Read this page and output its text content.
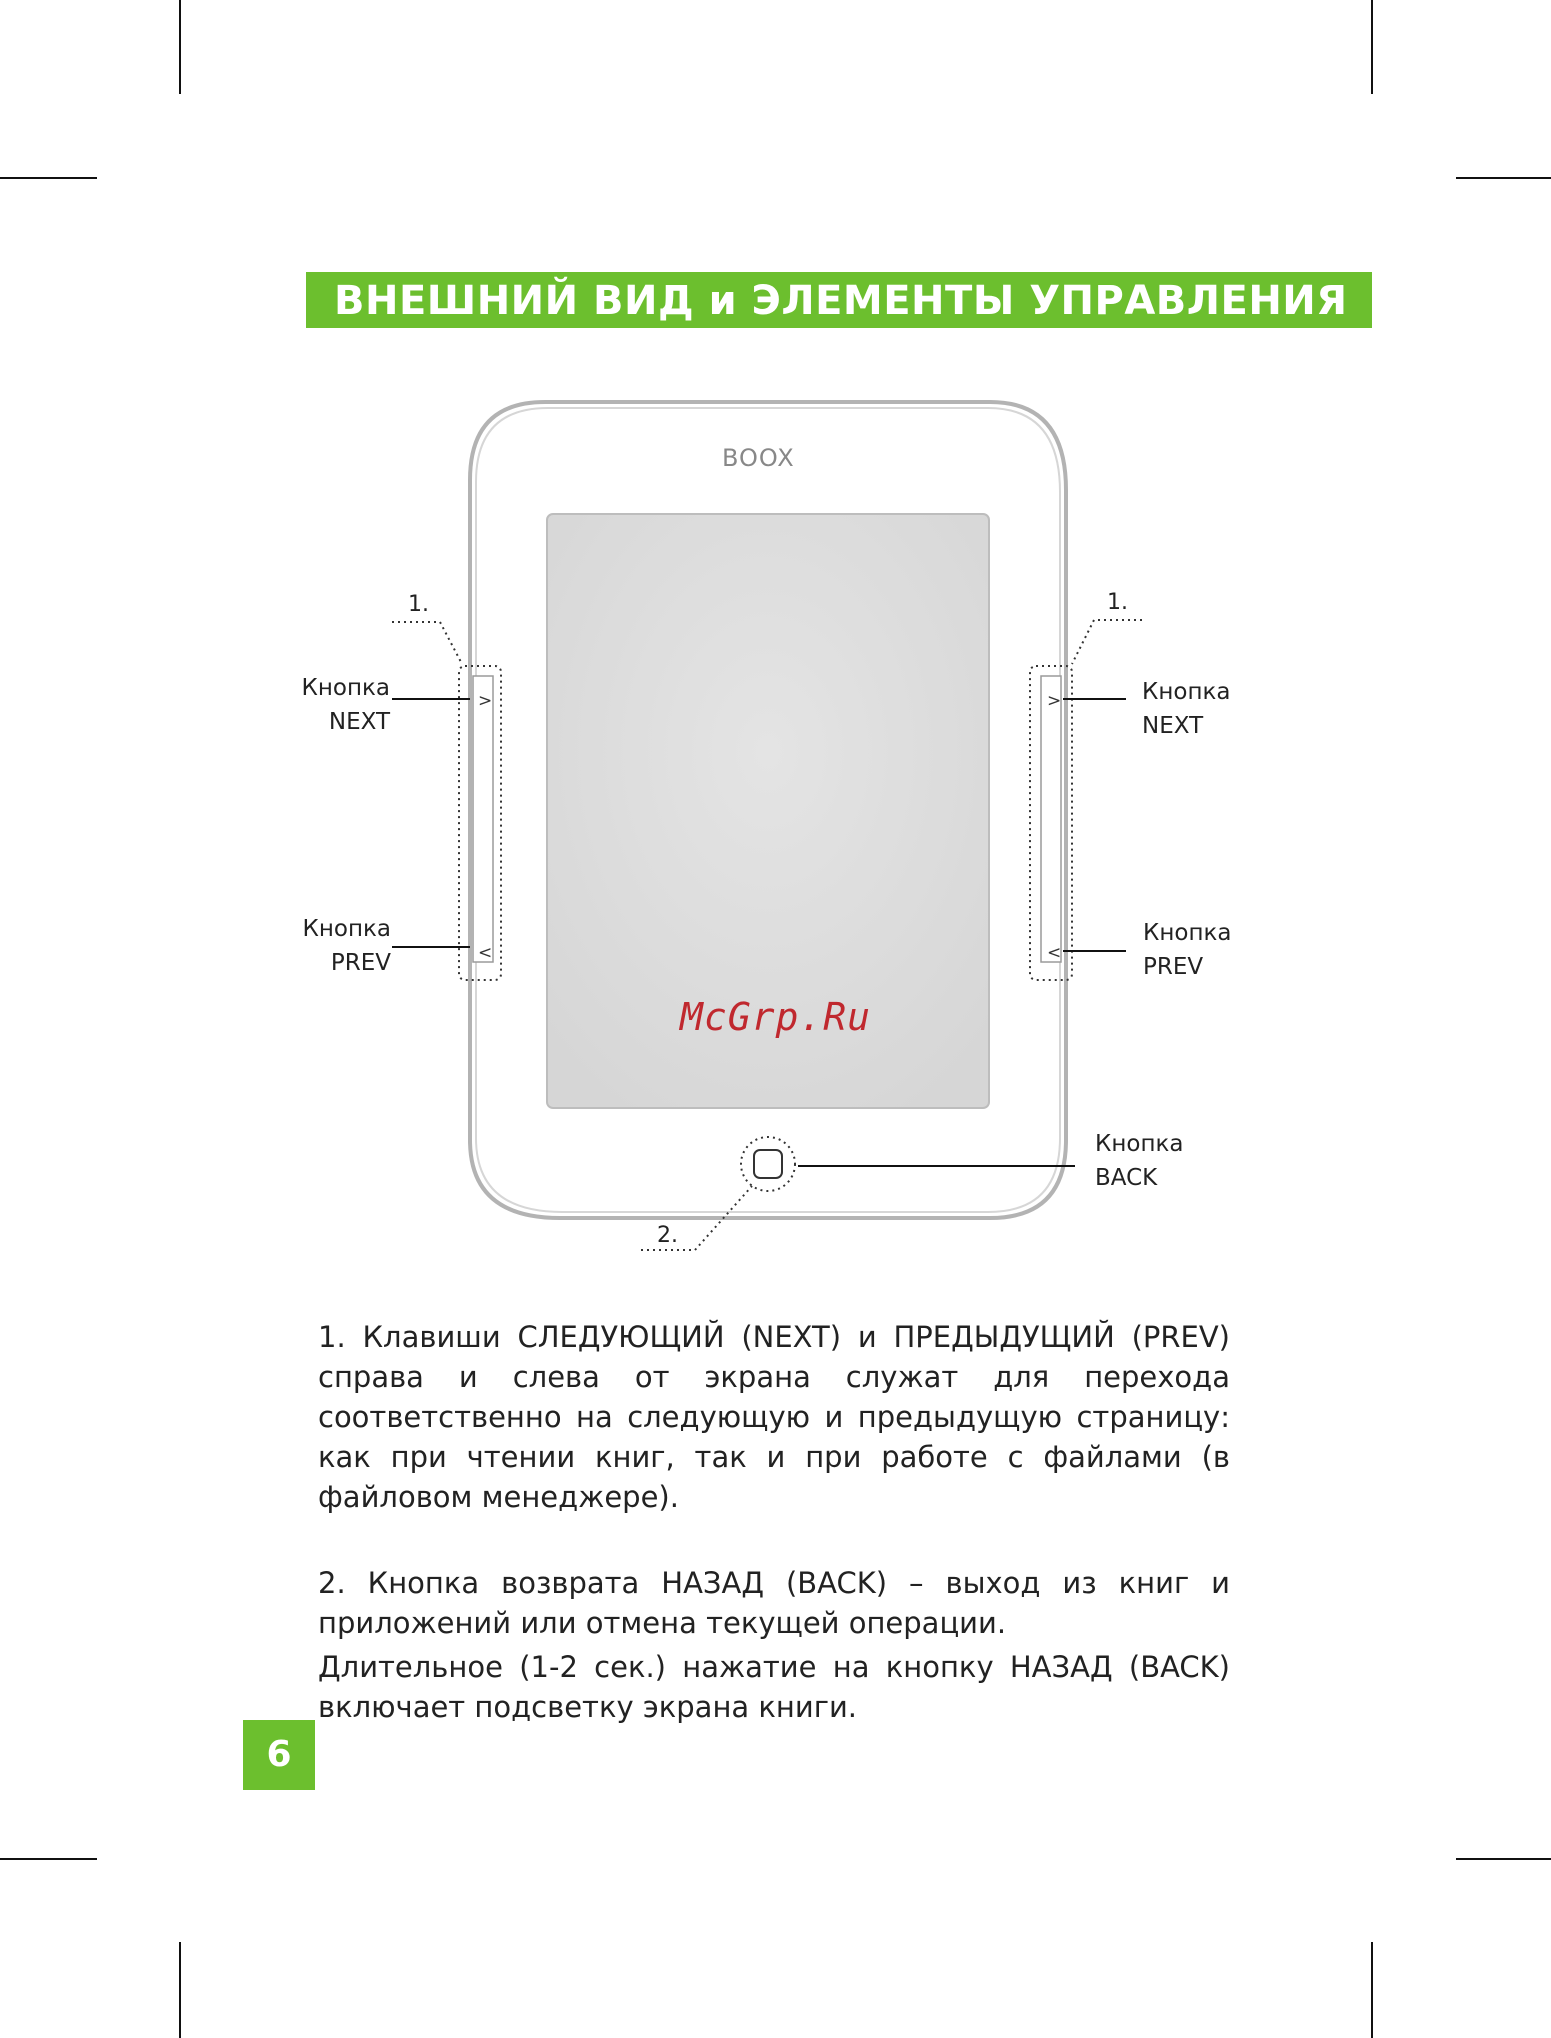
ВНЕШНИЙ ВИД и ЭЛЕМЕНТЫ УПРАВЛЕНИЯ
>
<
>
<
BOOX
McGrp.Ru
1.	1.
2.
Кнопка
NEXT
Кнопка
PREV
Кнопка
NEXT
Кнопка
PREV
Кнопка
BACK
1. Клавиши СЛЕДУЮЩИЙ (NEXT) и ПРЕДЫДУЩИЙ (PREV) справа и слева от экрана служат для перехода соответственно на следующую и предыдущую страницу: как при чтении книг, так и при работе с файлами (в файловом менеджере).
2. Кнопка возврата НАЗАД (BACK) – выход из книг и приложений или отмена текущей операции.
Длительное (1-2 сек.) нажатие на кнопку НАЗАД (BACK) включает подсветку экрана книги.
6
